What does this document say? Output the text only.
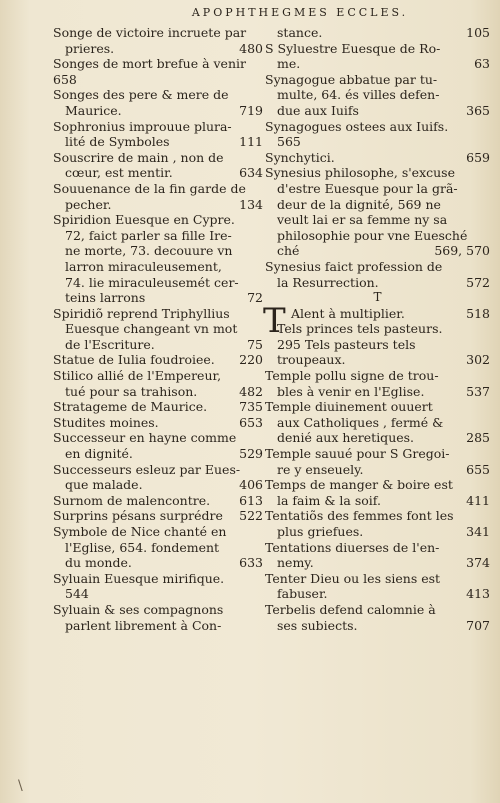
APOPHTHEGMES ECCLES.
Songe de victoire incruete par
prieres.	480
Songes de mort brefue à venir
658
Songes des pere & mere de
Maurice.	719
Sophronius improuue plura-
lité de Symboles	111
Souscrire de main , non de
cœur, est mentir.	634
Souuenance de la fin garde de
pecher.	134
Spiridion Euesque en Cypre.
72, faict parler sa fille Ire-
ne morte, 73. decouure vn
larron miraculeusement,
74. lie miraculeusemét cer-
teins larrons	72
Spiridiõ reprend Triphyllius
Euesque changeant vn mot
de l'Escriture.	75
Statue de Iulia foudroiee. 220
Stilico allié de l'Empereur,
tué pour sa trahison.	482
Stratageme de Maurice.	735
Studites moines.	653
Successeur en hayne comme
en dignité.	529
Successeurs esleuz par Eues-
que malade.	406
Surnom de malencontre. 613
Surprins pésans surprédre 522
Symbole de Nice chanté en
l'Eglise, 654. fondement
du monde.	633
Syluain Euesque mirifique.
544
Syluain & ses compagnons
parlent librement à Con-
stance.	105
S Syluestre Euesque de Ro-
me.	63
Synagogue abbatue par tu-
multe, 64. és villes defen-
due aux Iuifs	365
Synagogues ostees aux Iuifs.
565
Synchytici.	659
Synesius philosophe, s'excuse
d'estre Euesque pour la grã-
deur de la dignité, 569 ne
veult lai er sa femme ny sa
philosophie pour vne Euesché
ché	569, 570
Synesius faict profession de
la Resurrection.	572
T
Alent à multiplier.	518
T
Tels princes tels pasteurs.
295 Tels pasteurs tels
troupeaux.	302
Temple pollu signe de trou-
bles à venir en l'Eglise.	537
Temple diuinement ouuert
aux Catholiques , fermé &
denié aux heretiques.	285
Temple sauué pour S Gregoi-
re y enseuely.	655
Temps de manger & boire est
la faim & la soif.	411
Tentatiõs des femmes font les
plus griefues.	341
Tentations diuerses de l'en-
nemy.	374
Tenter Dieu ou les siens est
fabuser.	413
Terbelis defend calomnie à
ses subiects.	707
\
